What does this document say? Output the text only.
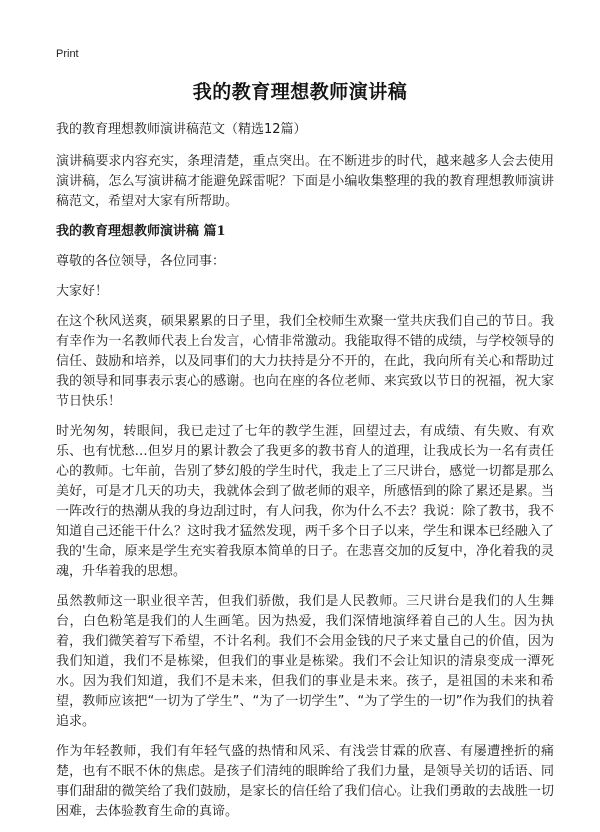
Print
我的教育理想教师演讲稿

我的教育理想教师演讲稿范文（精选12篇）

演讲稿要求内容充实，条理清楚，重点突出。在不断进步的时代，越来越多人会去使用演讲稿，怎么写演讲稿才能避免踩雷呢？下面是小编收集整理的我的教育理想教师演讲稿范文，希望对大家有所帮助。

我的教育理想教师演讲稿 篇1

尊敬的各位领导，各位同事：

大家好！

在这个秋风送爽，硕果累累的日子里，我们全校师生欢聚一堂共庆我们自己的节日。我有幸作为一名教师代表上台发言，心情非常激动。我能取得不错的成绩，与学校领导的信任、鼓励和培养，以及同事们的大力扶持是分不开的，在此，我向所有关心和帮助过我的领导和同事表示衷心的感谢。也向在座的各位老师、来宾致以节日的祝福，祝大家节日快乐！

时光匆匆，转眼间，我已走过了七年的教学生涯，回望过去，有成绩、有失败、有欢乐、也有忧愁…但岁月的累计教会了我更多的教书育人的道理，让我成长为一名有责任心的教师。七年前，告别了梦幻般的学生时代，我走上了三尺讲台，感觉一切都是那么美好，可是才几天的功夫，我就体会到了做老师的艰辛，所感悟到的除了累还是累。当一阵改行的热潮从我的身边刮过时，有人问我，你为什么不去？我说：除了教书，我不知道自己还能干什么？这时我才猛然发现，两千多个日子以来，学生和课本已经融入了我的'生命，原来是学生充实着我原本简单的日子。在悲喜交加的反复中，净化着我的灵魂，升华着我的思想。

虽然教师这一职业很辛苦，但我们骄傲，我们是人民教师。三尺讲台是我们的人生舞台，白色粉笔是我们的人生画笔。因为热爱，我们深情地演绎着自己的人生。因为执着，我们微笑着写下希望，不计名利。我们不会用金钱的尺子来丈量自己的价值，因为我们知道，我们不是栋梁，但我们的事业是栋梁。我们不会让知识的清泉变成一潭死水。因为我们知道，我们不是未来，但我们的事业是未来。孩子，是祖国的未来和希望，教师应该把“一切为了学生”、“为了一切学生”、“为了学生的一切”作为我们的执着追求。

作为年轻教师，我们有年轻气盛的热情和风采、有浅尝甘霖的欣喜、有屡遭挫折的痛楚，也有不眠不休的焦虑。是孩子们清纯的眼眸给了我们力量，是领导关切的话语、同事们甜甜的微笑给了我们鼓励，是家长的信任给了我们信心。让我们勇敢的去战胜一切困难，去体验教育生命的真谛。
